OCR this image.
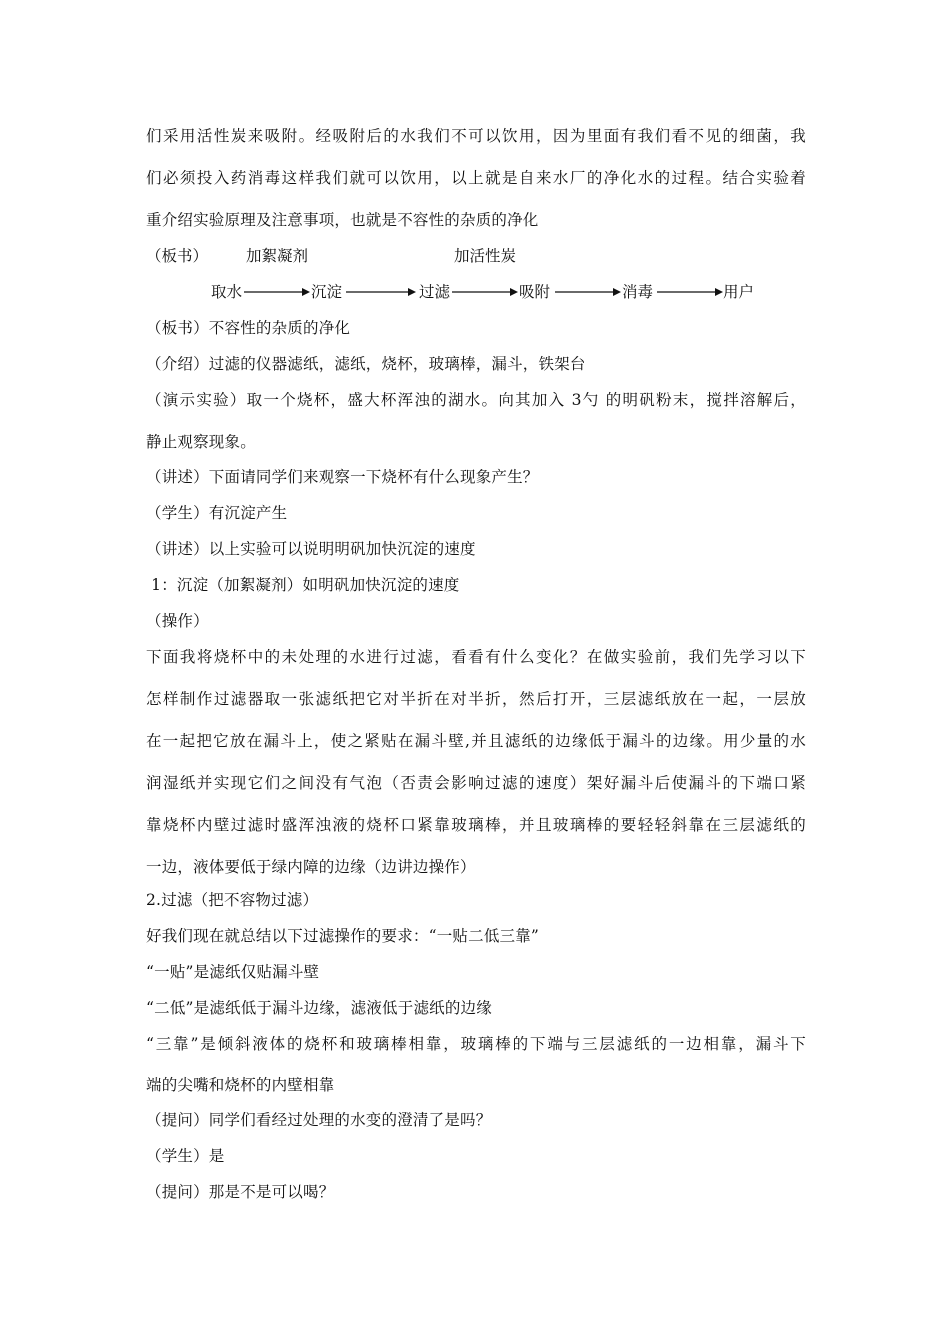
们采用活性炭来吸附。经吸附后的水我们不可以饮用，因为里面有我们看不见的细菌，我
们必须投入药消毒这样我们就可以饮用，以上就是自来水厂的净化水的过程。结合实验着
重介绍实验原理及注意事项，也就是不容性的杂质的净化
（板书） 加絮凝剂	加活性炭
取水	沉淀	过滤	吸附	消毒	用户
（板书）不容性的杂质的净化
（介绍）过滤的仪器滤纸，滤纸，烧杯，玻璃棒，漏斗，铁架台
（演示实验）取一个烧杯，盛大杯浑浊的湖水。向其加入 3勺 的明矾粉末，搅拌溶解后，
静止观察现象。
（讲述）下面请同学们来观察一下烧杯有什么现象产生？
（学生）有沉淀产生
（讲述）以上实验可以说明明矾加快沉淀的速度
1：沉淀（加絮凝剂）如明矾加快沉淀的速度
（操作）
下面我将烧杯中的未处理的水进行过滤，看看有什么变化？在做实验前，我们先学习以下
怎样制作过滤器取一张滤纸把它对半折在对半折，然后打开，三层滤纸放在一起，一层放
在一起把它放在漏斗上，使之紧贴在漏斗壁,并且滤纸的边缘低于漏斗的边缘。用少量的水
润湿纸并实现它们之间没有气泡（否责会影响过滤的速度）架好漏斗后使漏斗的下端口紧
靠烧杯内壁过滤时盛浑浊液的烧杯口紧靠玻璃棒，并且玻璃棒的要轻轻斜靠在三层滤纸的
一边，液体要低于绿内障的边缘（边讲边操作）
2.过滤（把不容物过滤）
好我们现在就总结以下过滤操作的要求：“一贴二低三靠”
“一贴”是滤纸仅贴漏斗壁
“二低”是滤纸低于漏斗边缘，滤液低于滤纸的边缘
“三靠”是倾斜液体的烧杯和玻璃棒相靠，玻璃棒的下端与三层滤纸的一边相靠，漏斗下
端的尖嘴和烧杯的内壁相靠
（提问）同学们看经过处理的水变的澄清了是吗？
（学生）是
（提问）那是不是可以喝？
